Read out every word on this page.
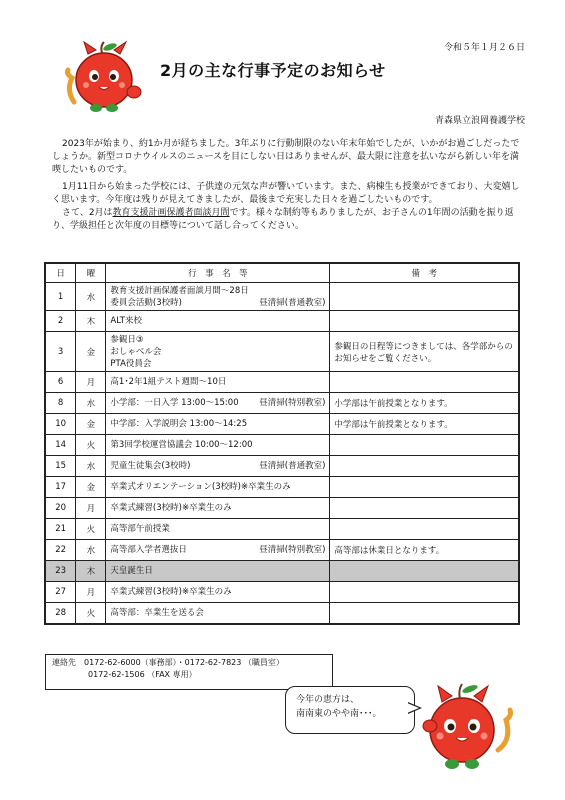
令和５年１月２６日
2月の主な行事予定のお知らせ
青森県立浪岡養護学校
2023年が始まり、約1か月が経ちました。3年ぶりに行動制限のない年末年始でしたが、いかがお過ごしだったでしょうか。新型コロナウイルスのニュースを目にしない日はありませんが、最大限に注意を払いながら新しい年を満喫したいものです。
1月11日から始まった学校には、子供達の元気な声が響いています。また、病棟生も授業ができており、大変嬉しく思います。今年度は残りが見えてきましたが、最後まで充実した日々を過ごしたいものです。
さて、2月は教育支援計画保護者面談月間です。様々な制約等もありましたが、お子さんの1年間の活動を振り返り、学級担任と次年度の目標等について話し合ってください。
日	曜	行　事　名　等	備　考
1	水	教育支援計画保護者面談月間～28日
委員会活動(3校時) 昼清掃(普通教室)	

2	木	ALT来校	

3	金	参観日③
おしゃべル会
PTA役員会	参観日の日程等につきましては、各学部からのお知らせをご覧ください。
6	月	高1･2年1組テスト週間～10日	

8	水	小学部：一日入学 13:00～15:00 昼清掃(特別教室)	小学部は午前授業となります。
10	金	中学部：入学説明会 13:00～14:25	中学部は午前授業となります。
14	火	第3回学校運営協議会 10:00～12:00	

15	水	児童生徒集会(3校時) 昼清掃(普通教室)	

17	金	卒業式オリエンテーション(3校時)※卒業生のみ	

20	月	卒業式練習(3校時)※卒業生のみ	

21	火	高等部午前授業	

22	水	高等部入学者選抜日 昼清掃(特別教室)	高等部は休業日となります。
23	木	天皇誕生日	

27	月	卒業式練習(3校時)※卒業生のみ	

28	火	高等部：卒業生を送る会	

連絡先　 0172-62-6000（事務部）・0172-62-7823 （職員室）
0172-62-1506 （FAX 専用）
今年の恵方は、
南南東のやや南･･･。
